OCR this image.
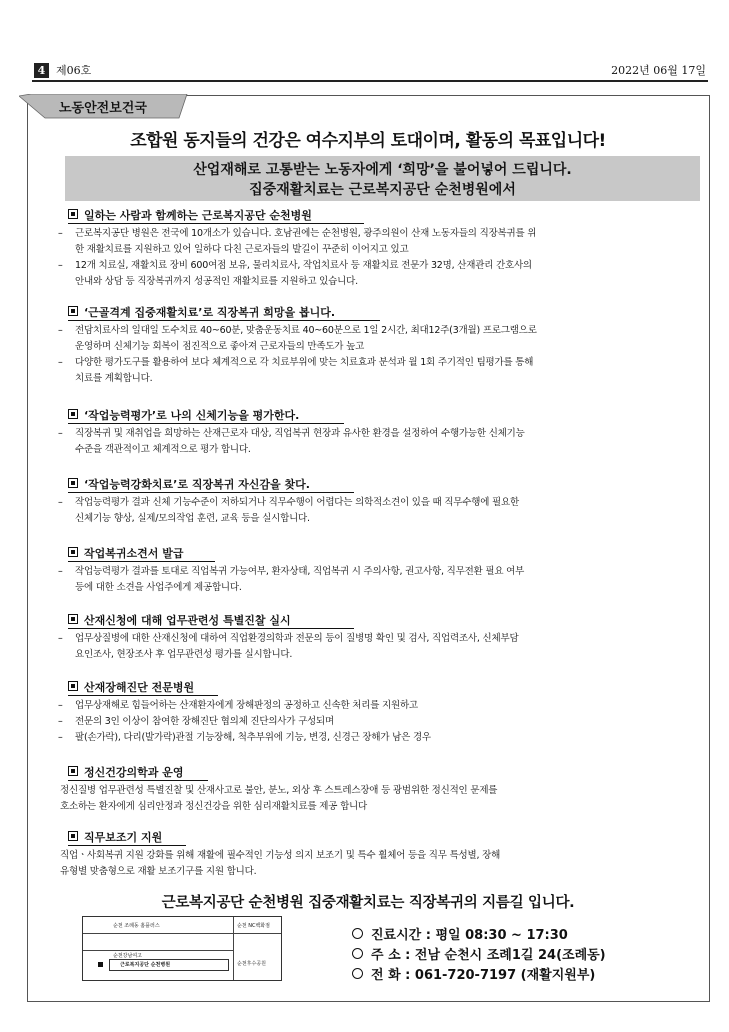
4 제06호	2022년 06월 17일
노동안전보건국
조합원 동지들의 건강은 여수지부의 토대이며, 활동의 목표입니다!
산업재해로 고통받는 노동자에게 ‘희망’을 불어넣어 드립니다.
집중재활치료는 근로복지공단 순천병원에서
일하는 사람과 함께하는 근로복지공단 순천병원
– 근로복지공단 병원은 전국에 10개소가 있습니다. 호남권에는 순천병원, 광주의원이 산재 노동자들의 직장복귀를 위
한 재활치료를 지원하고 있어 일하다 다친 근로자들의 발길이 꾸준히 이어지고 있고
– 12개 치료실, 재활치료 장비 600여점 보유, 물리치료사, 작업치료사 등 재활치료 전문가 32명, 산재관리 간호사의
안내와 상담 등 직장복귀까지 성공적인 재활치료를 지원하고 있습니다.
‘근골격계 집중재활치료’로 직장복귀 희망을 봅니다.
– 전담치료사의 일대일 도수치료 40~60분, 맞춤운동치료 40~60분으로 1일 2시간, 최대12주(3개월) 프로그램으로
운영하며 신체기능 회복이 점진적으로 좋아져 근로자들의 만족도가 높고
– 다양한 평가도구를 활용하여 보다 체계적으로 각 치료부위에 맞는 치료효과 분석과 월 1회 주기적인 팀평가를 통해
치료를 계획합니다.
‘작업능력평가’로 나의 신체기능을 평가한다.
– 직장복귀 및 재취업을 희망하는 산재근로자 대상, 직업복귀 현장과 유사한 환경을 설정하여 수행가능한 신체기능
수준을 객관적이고 체계적으로 평가 합니다.
‘작업능력강화치료’로 직장복귀 자신감을 찾다.
– 작업능력평가 결과 신체 기능수준이 저하되거나 직무수행이 어렵다는 의학적소견이 있을 때 직무수행에 필요한
신체기능 향상, 실제/모의작업 훈련, 교육 등을 실시합니다.
작업복귀소견서 발급
– 작업능력평가 결과를 토대로 직업복귀 가능여부, 환자상태, 직업복귀 시 주의사항, 권고사항, 직무전환 필요 여부
등에 대한 소견을 사업주에게 제공합니다.
산재신청에 대해 업무관련성 특별진찰 실시
– 업무상질병에 대한 산재신청에 대하여 직업환경의학과 전문의 등이 질병명 확인 및 검사, 직업력조사, 신체부담
요인조사, 현장조사 후 업무관련성 평가를 실시합니다.
산재장해진단 전문병원
– 업무상재해로 힘들어하는 산재환자에게 장해판정의 공정하고 신속한 처리를 지원하고
– 전문의 3인 이상이 참여한 장해진단 협의체 진단의사가 구성되며
– 팔(손가락), 다리(발가락)관절 기능장해, 척추부위에 기능, 변경, 신경근 장해가 남은 경우
정신건강의학과 운영
정신질병 업무관련성 특별진찰 및 산재사고로 불안, 분노, 외상 후 스트레스장애 등 광범위한 정신적인 문제를
호소하는 환자에게 심리안정과 정신건강을 위한 심리재활치료를 제공 합니다
직무보조기 지원
직업ㆍ사회복귀 지원 강화를 위해 재활에 필수적인 기능성 의지 보조기 및 특수 휠체어 등을 직무 특성별, 장해
유형별 맞춤형으로 재활 보조기구를 지원 합니다.
근로복지공단 순천병원 집중재활치료는 직장복귀의 지름길 입니다.
순천 조례동 홈플러스	순천 NC백화점
순천강남여고
순천후수공원
근로복지공단 순천병원
진료시간 : 평일 08:30 ~ 17:30
주 소 : 전남 순천시 조례1길 24(조례동)
전 화 : 061-720-7197 (재활지원부)
